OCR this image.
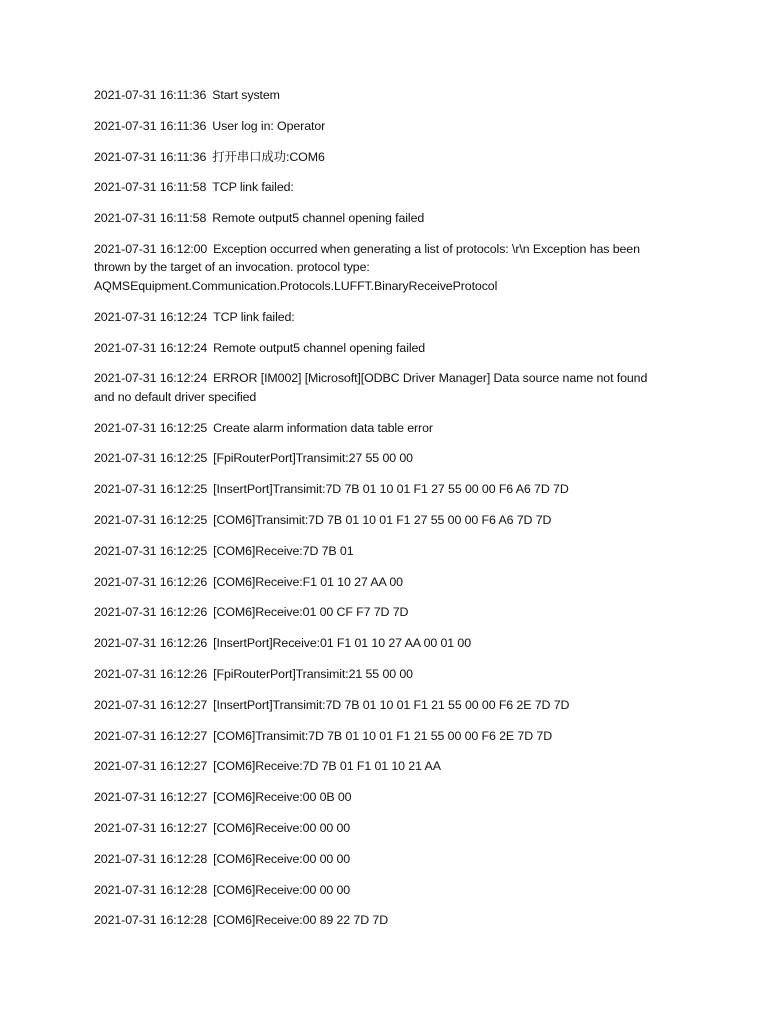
2021-07-31 16:11:36 Start system
2021-07-31 16:11:36 User log in: Operator
2021-07-31 16:11:36 打开串口成功:COM6
2021-07-31 16:11:58 TCP link failed:
2021-07-31 16:11:58 Remote output5 channel opening failed
2021-07-31 16:12:00 Exception occurred when generating a list of protocols: \r\n Exception has been thrown by the target of an invocation. protocol type: AQMSEquipment.Communication.Protocols.LUFFT.BinaryReceiveProtocol
2021-07-31 16:12:24 TCP link failed:
2021-07-31 16:12:24 Remote output5 channel opening failed
2021-07-31 16:12:24 ERROR [IM002] [Microsoft][ODBC Driver Manager] Data source name not found and no default driver specified
2021-07-31 16:12:25 Create alarm information data table error
2021-07-31 16:12:25 [FpiRouterPort]Transimit:27 55 00 00
2021-07-31 16:12:25 [InsertPort]Transimit:7D 7B 01 10 01 F1 27 55 00 00 F6 A6 7D 7D
2021-07-31 16:12:25 [COM6]Transimit:7D 7B 01 10 01 F1 27 55 00 00 F6 A6 7D 7D
2021-07-31 16:12:25 [COM6]Receive:7D 7B 01
2021-07-31 16:12:26 [COM6]Receive:F1 01 10 27 AA 00
2021-07-31 16:12:26 [COM6]Receive:01 00 CF F7 7D 7D
2021-07-31 16:12:26 [InsertPort]Receive:01 F1 01 10 27 AA 00 01 00
2021-07-31 16:12:26 [FpiRouterPort]Transimit:21 55 00 00
2021-07-31 16:12:27 [InsertPort]Transimit:7D 7B 01 10 01 F1 21 55 00 00 F6 2E 7D 7D
2021-07-31 16:12:27 [COM6]Transimit:7D 7B 01 10 01 F1 21 55 00 00 F6 2E 7D 7D
2021-07-31 16:12:27 [COM6]Receive:7D 7B 01 F1 01 10 21 AA
2021-07-31 16:12:27 [COM6]Receive:00 0B 00
2021-07-31 16:12:27 [COM6]Receive:00 00 00
2021-07-31 16:12:28 [COM6]Receive:00 00 00
2021-07-31 16:12:28 [COM6]Receive:00 00 00
2021-07-31 16:12:28 [COM6]Receive:00 89 22 7D 7D
